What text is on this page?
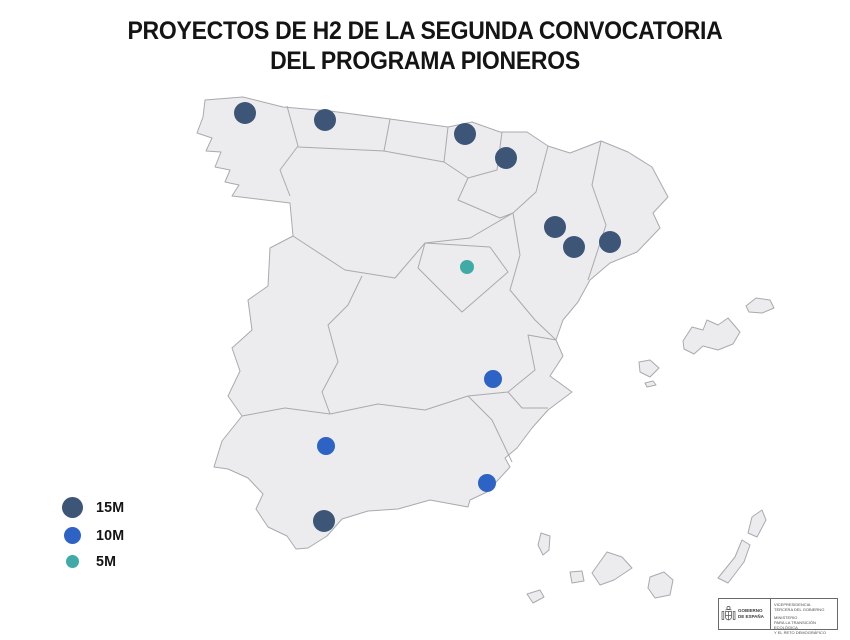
PROYECTOS DE H2 DE LA SEGUNDA CONVOCATORIA
DEL PROGRAMA PIONEROS
15M
10M
5M
GOBIERNO
DE ESPAÑA
VICEPRESIDENCIA
TERCERA DEL GOBIERNO
MINISTERIO
PARA LA TRANSICIÓN ECOLÓGICA
Y EL RETO DEMOGRÁFICO
